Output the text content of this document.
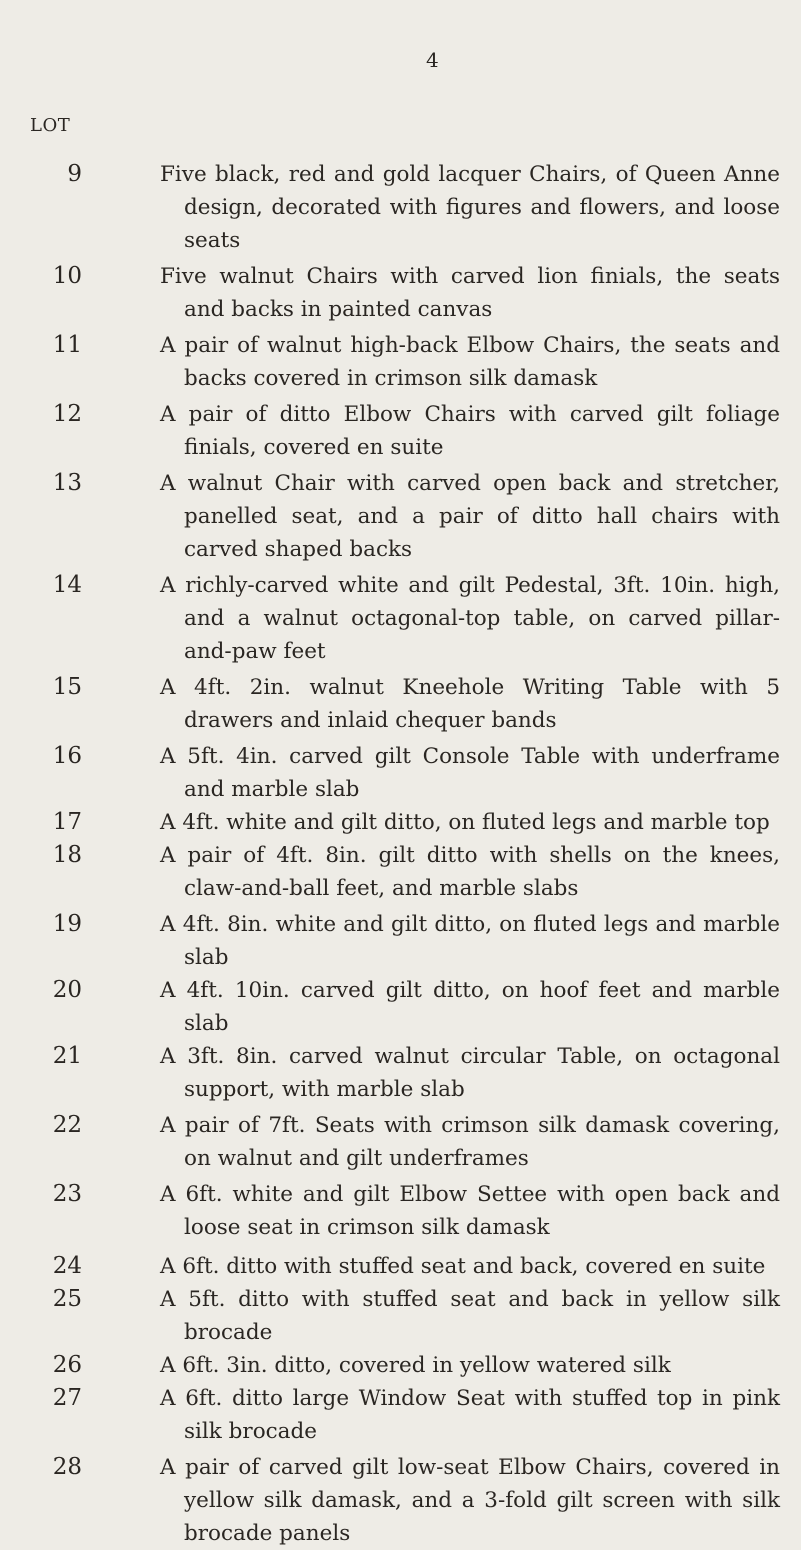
4
LOT
9	Five black, red and gold lacquer Chairs, of Queen Anne design, decorated with figures and flowers, and loose seats
10	Five walnut Chairs with carved lion finials, the seats and backs in painted canvas
11	A pair of walnut high-back Elbow Chairs, the seats and backs covered in crimson silk damask
12	A pair of ditto Elbow Chairs with carved gilt foliage finials, covered en suite
13	A walnut Chair with carved open back and stretcher, panelled seat, and a pair of ditto hall chairs with carved shaped backs
14	A richly-carved white and gilt Pedestal, 3ft. 10in. high, and a walnut octagonal-top table, on carved pillar-and-paw feet
15	A 4ft. 2in. walnut Kneehole Writing Table with 5 drawers and inlaid chequer bands
16	A 5ft. 4in. carved gilt Console Table with underframe and marble slab
17	A 4ft. white and gilt ditto, on fluted legs and marble top
18	A pair of 4ft. 8in. gilt ditto with shells on the knees, claw-and-ball feet, and marble slabs
19	A 4ft. 8in. white and gilt ditto, on fluted legs and marble slab
20	A 4ft. 10in. carved gilt ditto, on hoof feet and marble slab
21	A 3ft. 8in. carved walnut circular Table, on octagonal support, with marble slab
22	A pair of 7ft. Seats with crimson silk damask covering, on walnut and gilt underframes
23	A 6ft. white and gilt Elbow Settee with open back and loose seat in crimson silk damask
24	A 6ft. ditto with stuffed seat and back, covered en suite
25	A 5ft. ditto with stuffed seat and back in yellow silk brocade
26	A 6ft. 3in. ditto, covered in yellow watered silk
27	A 6ft. ditto large Window Seat with stuffed top in pink silk brocade
28	A pair of carved gilt low-seat Elbow Chairs, covered in yellow silk damask, and a 3-fold gilt screen with silk brocade panels
